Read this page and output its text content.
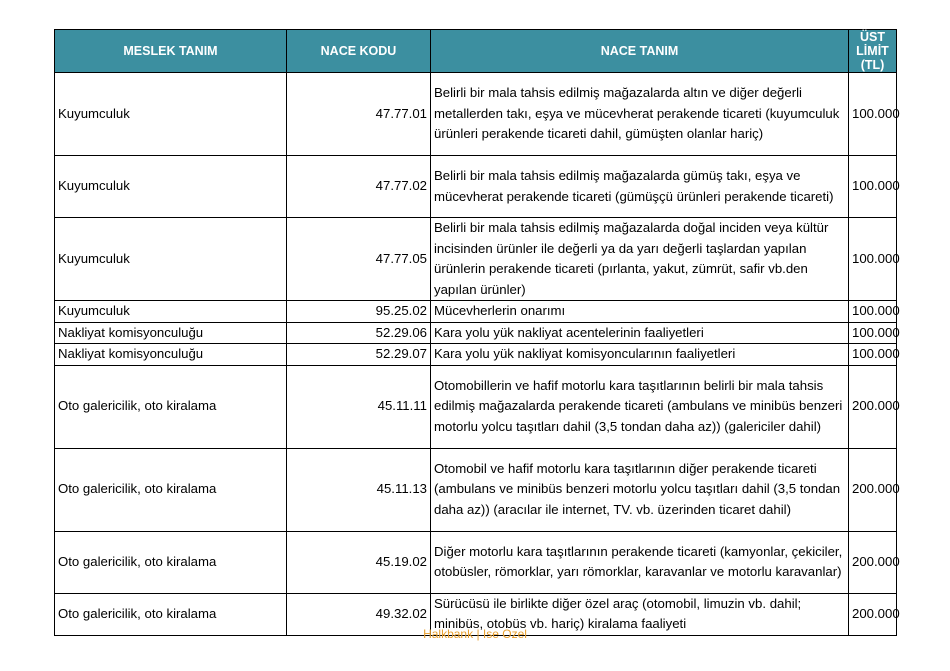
MESLEK TANIM	NACE KODU	NACE TANIM	ÜST LİMİT (TL)
Kuyumculuk	47.77.01	Belirli bir mala tahsis edilmiş mağazalarda altın ve diğer değerli metallerden takı, eşya ve mücevherat perakende ticareti (kuyumculuk ürünleri perakende ticareti dahil, gümüşten olanlar hariç)	100.000
Kuyumculuk	47.77.02	Belirli bir mala tahsis edilmiş mağazalarda gümüş takı, eşya ve mücevherat perakende ticareti (gümüşçü ürünleri perakende ticareti)	100.000
Kuyumculuk	47.77.05	Belirli bir mala tahsis edilmiş mağazalarda doğal inciden veya kültür incisinden ürünler ile değerli ya da yarı değerli taşlardan yapılan ürünlerin perakende ticareti (pırlanta, yakut, zümrüt, safir vb.den yapılan ürünler)	100.000
Kuyumculuk	95.25.02	Mücevherlerin onarımı	100.000
Nakliyat komisyonculuğu	52.29.06	Kara yolu yük nakliyat acentelerinin faaliyetleri	100.000
Nakliyat komisyonculuğu	52.29.07	Kara yolu yük nakliyat komisyoncularının faaliyetleri	100.000
Oto galericilik, oto kiralama	45.11.11	Otomobillerin ve hafif motorlu kara taşıtlarının belirli bir mala tahsis edilmiş mağazalarda perakende ticareti (ambulans ve minibüs benzeri motorlu yolcu taşıtları dahil (3,5 tondan daha az)) (galericiler dahil)	200.000
Oto galericilik, oto kiralama	45.11.13	Otomobil ve hafif motorlu kara taşıtlarının diğer perakende ticareti (ambulans ve minibüs benzeri motorlu yolcu taşıtları dahil (3,5 tondan daha az)) (aracılar ile internet, TV. vb. üzerinden ticaret dahil)	200.000
Oto galericilik, oto kiralama	45.19.02	Diğer motorlu kara taşıtlarının perakende ticareti (kamyonlar, çekiciler, otobüsler, römorklar, yarı römorklar, karavanlar ve motorlu karavanlar)	200.000
Oto galericilik, oto kiralama	49.32.02	Sürücüsü ile birlikte diğer özel araç (otomobil, limuzin vb. dahil; minibüs, otobüs vb. hariç) kiralama faaliyeti	200.000
Halkbank | Ise Ozel
